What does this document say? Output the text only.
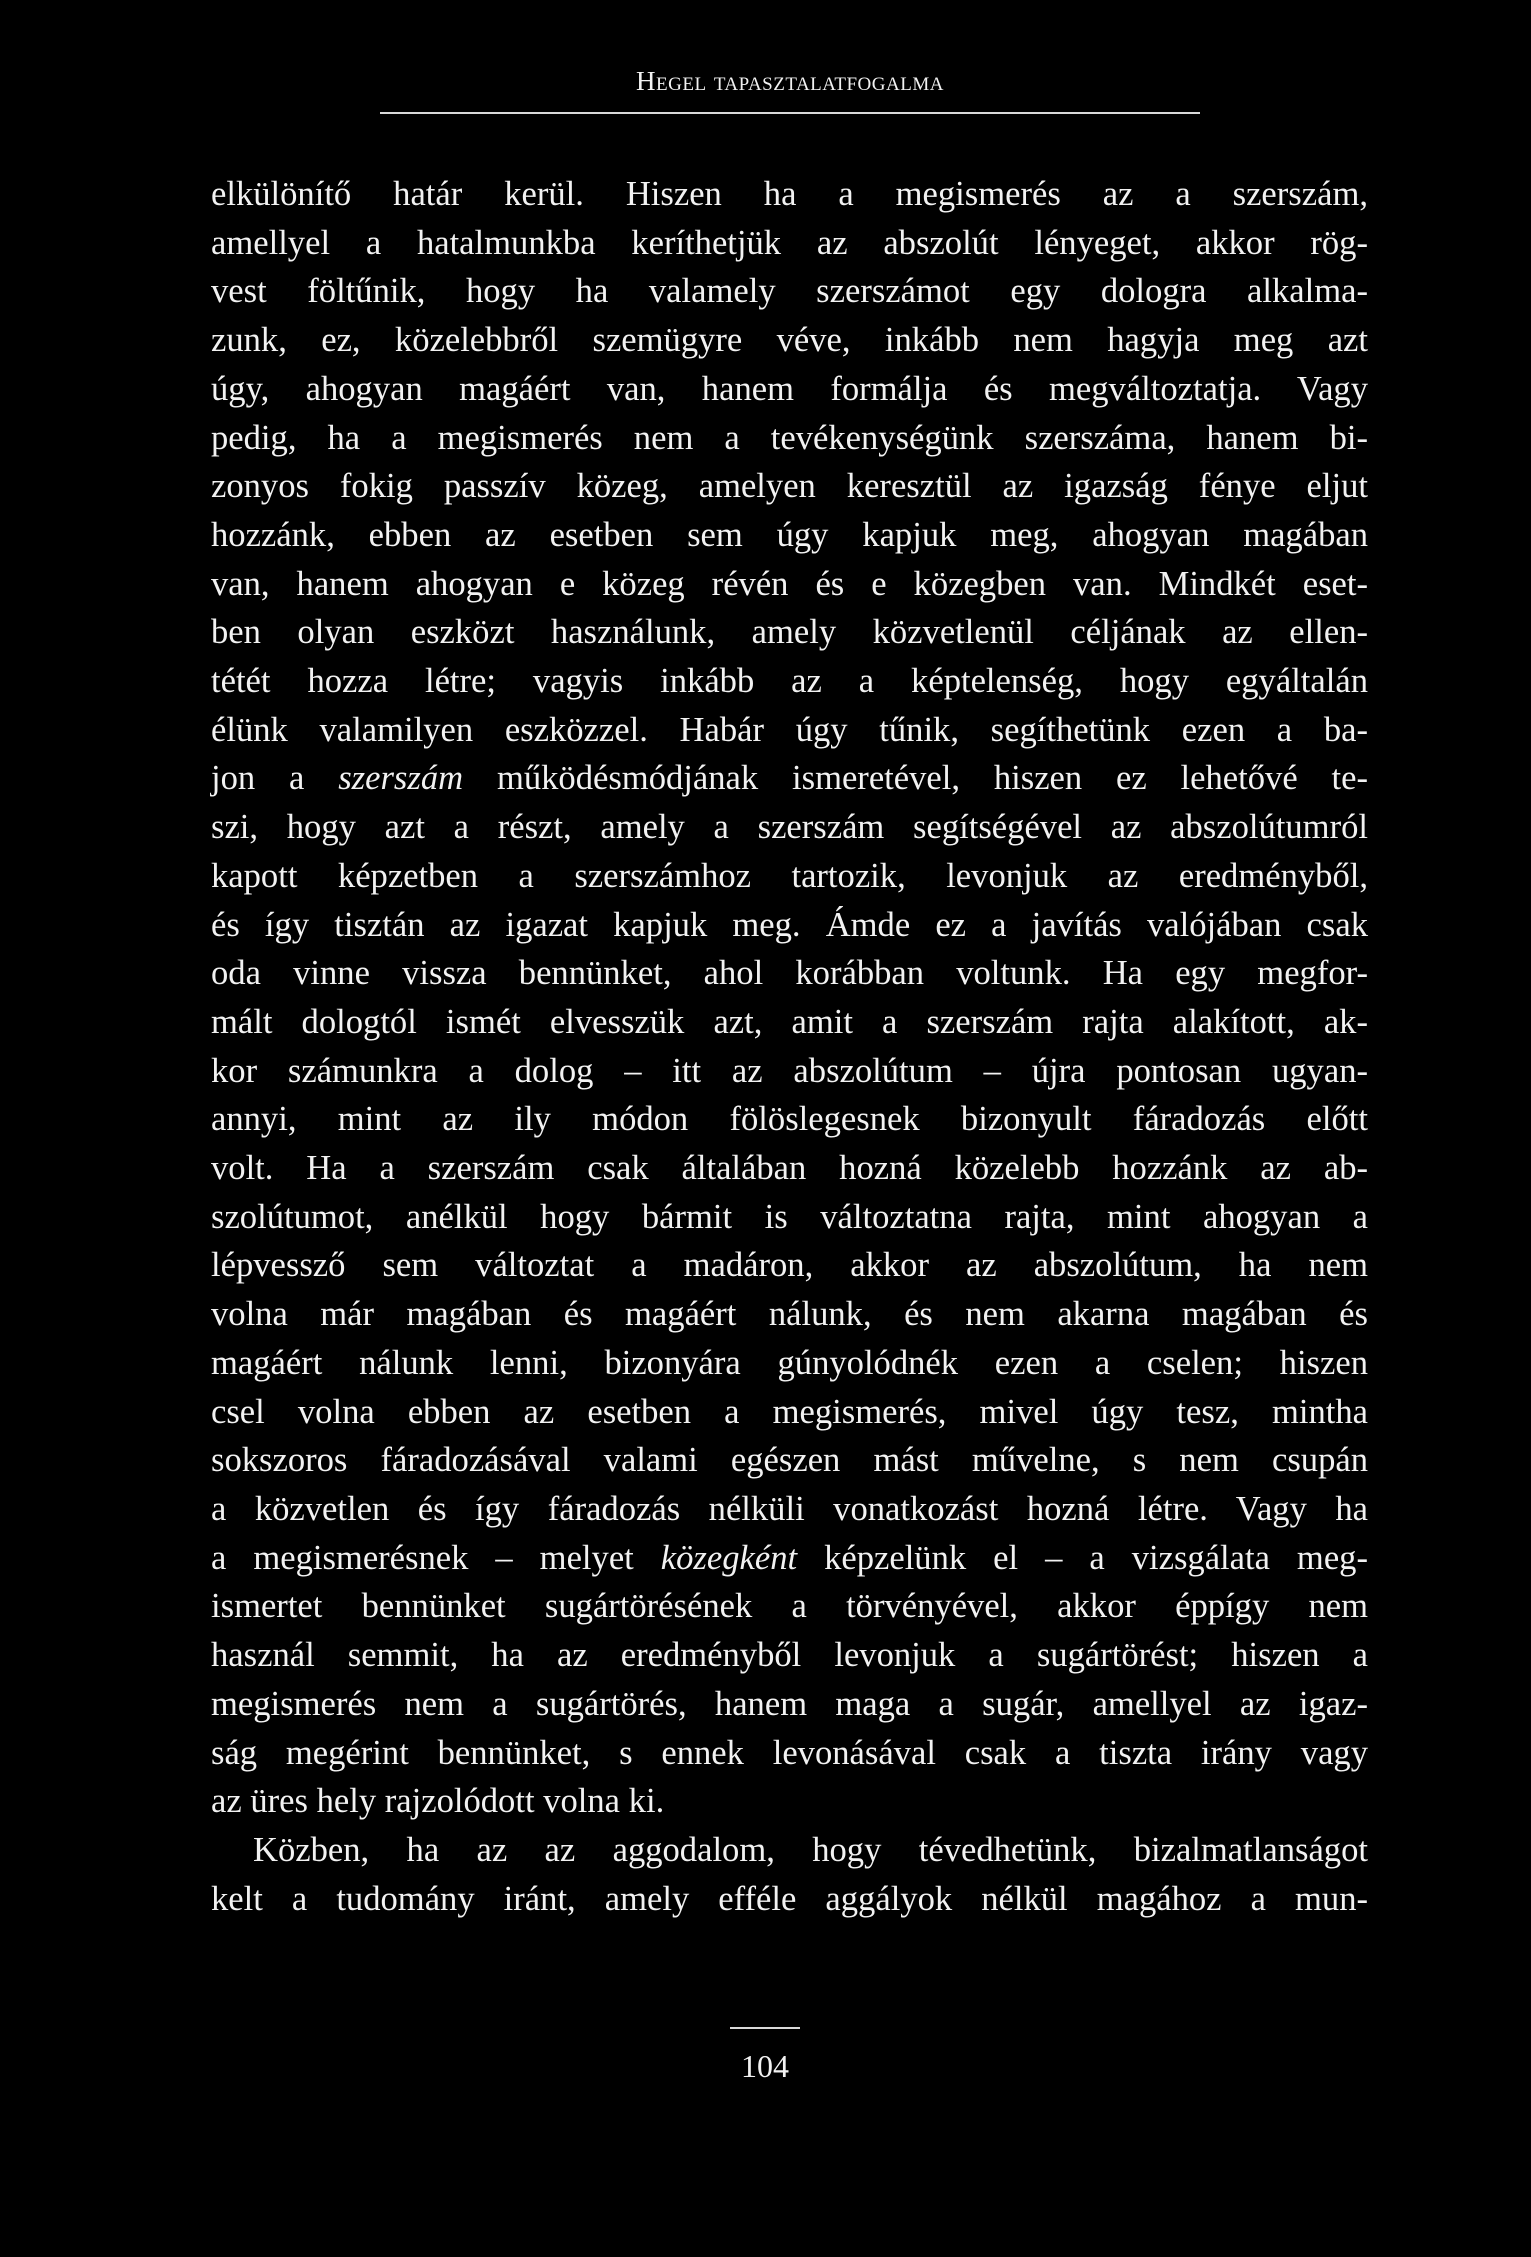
Hegel tapasztalatfogalma
elkülönítő határ kerül. Hiszen ha a megismerés az a szerszám,
amellyel a hatalmunkba keríthetjük az abszolút lényeget, akkor rög-
vest föltűnik, hogy ha valamely szerszámot egy dologra alkalma-
zunk, ez, közelebbről szemügyre véve, inkább nem hagyja meg azt
úgy, ahogyan magáért van, hanem formálja és megváltoztatja. Vagy
pedig, ha a megismerés nem a tevékenységünk szerszáma, hanem bi-
zonyos fokig passzív közeg, amelyen keresztül az igazság fénye eljut
hozzánk, ebben az esetben sem úgy kapjuk meg, ahogyan magában
van, hanem ahogyan e közeg révén és e közegben van. Mindkét eset-
ben olyan eszközt használunk, amely közvetlenül céljának az ellen-
tétét hozza létre; vagyis inkább az a képtelenség, hogy egyáltalán
élünk valamilyen eszközzel. Habár úgy tűnik, segíthetünk ezen a ba-
jon a szerszám működésmódjának ismeretével, hiszen ez lehetővé te-
szi, hogy azt a részt, amely a szerszám segítségével az abszolútumról
kapott képzetben a szerszámhoz tartozik, levonjuk az eredményből,
és így tisztán az igazat kapjuk meg. Ámde ez a javítás valójában csak
oda vinne vissza bennünket, ahol korábban voltunk. Ha egy megfor-
mált dologtól ismét elvesszük azt, amit a szerszám rajta alakított, ak-
kor számunkra a dolog – itt az abszolútum – újra pontosan ugyan-
annyi, mint az ily módon fölöslegesnek bizonyult fáradozás előtt
volt. Ha a szerszám csak általában hozná közelebb hozzánk az ab-
szolútumot, anélkül hogy bármit is változtatna rajta, mint ahogyan a
lépvessző sem változtat a madáron, akkor az abszolútum, ha nem
volna már magában és magáért nálunk, és nem akarna magában és
magáért nálunk lenni, bizonyára gúnyolódnék ezen a cselen; hiszen
csel volna ebben az esetben a megismerés, mivel úgy tesz, mintha
sokszoros fáradozásával valami egészen mást művelne, s nem csupán
a közvetlen és így fáradozás nélküli vonatkozást hozná létre. Vagy ha
a megismerésnek – melyet közegként képzelünk el – a vizsgálata meg-
ismertet bennünket sugártörésének a törvényével, akkor éppígy nem
használ semmit, ha az eredményből levonjuk a sugártörést; hiszen a
megismerés nem a sugártörés, hanem maga a sugár, amellyel az igaz-
ság megérint bennünket, s ennek levonásával csak a tiszta irány vagy
az üres hely rajzolódott volna ki.
Közben, ha az az aggodalom, hogy tévedhetünk, bizalmatlanságot
kelt a tudomány iránt, amely efféle aggályok nélkül magához a mun-
104
